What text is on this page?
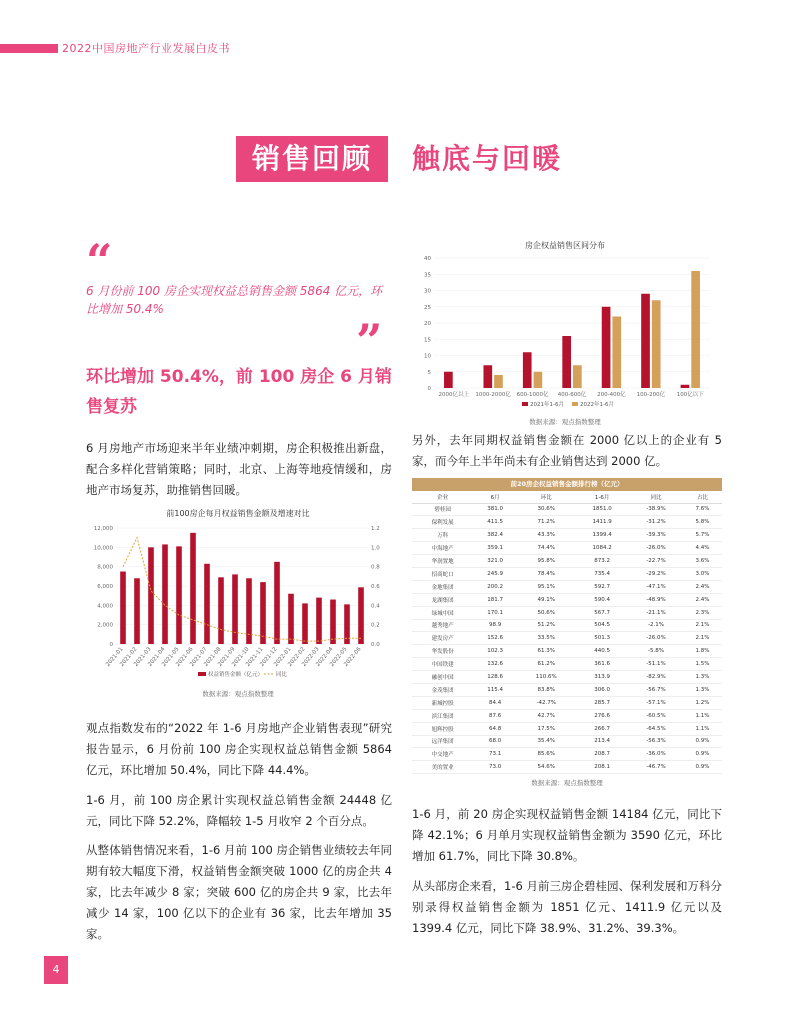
2022中国房地产行业发展白皮书
销售回顾	触底与回暖
“
6 月份前 100 房企实现权益总销售金额 5864 亿元，环比增加 50.4%
”
环比增加 50.4%，前 100 房企 6 月销售复苏

6 月房地产市场迎来半年业绩冲刺期，房企积极推出新盘，配合多样化营销策略；同时，北京、上海等地疫情缓和，房地产市场复苏，助推销售回暖。

前100房企每月权益销售金额及增速对比
0
2,000
4,000
6,000
8,000
10,000
12,000
0.0
0.2
0.4
0.6
0.8
1.0
1.2
2021-01
2021-02
2021-03
2021-04
2021-05
2021-06
2021-07
2021-08
2021-09
2021-10
2021-11
2021-12
2022-01
2022-02
2022-03
2022-04
2022-05
2022-06
权益销售金额（亿元） 同比
数据来源：观点指数整理

观点指数发布的“2022 年 1-6 月房地产企业销售表现”研究报告显示，6 月份前 100 房企实现权益总销售金额 5864 亿元，环比增加 50.4%，同比下降 44.4%。

1-6 月，前 100 房企累计实现权益总销售金额 24448 亿元，同比下降 52.2%，降幅较 1-5 月收窄 2 个百分点。

从整体销售情况来看，1-6 月前 100 房企销售业绩较去年同期有较大幅度下滑，权益销售金额突破 1000 亿的房企共 4 家，比去年减少 8 家；突破 600 亿的房企共 9 家，比去年减少 14 家，100 亿以下的企业有 36 家，比去年增加 35 家。

房企权益销售区间分布
0
5
10
15
20
25
30
35
40
2000亿以上 1000-2000亿 600-1000亿 400-600亿 200-400亿 100-200亿 100亿以下
2021年1-6月	2022年1-6月
数据来源：观点指数整理

另外，去年同期权益销售金额在 2000 亿以上的企业有 5 家，而今年上半年尚未有企业销售达到 2000 亿。

前20房企权益销售金额排行榜（亿元）
企业	6月	环比	1-6月	同比	占比
碧桂园	381.0	30.6%	1851.0	-38.9%	7.6%
保利发展	411.5	71.2%	1411.9	-31.2%	5.8%
万科	382.4	43.3%	1399.4	-39.3%	5.7%
中海地产	359.1	74.4%	1084.2	-26.0%	4.4%
华润置地	321.0	95.8%	873.2	-22.7%	3.6%
招商蛇口	245.9	78.4%	735.4	-29.2%	3.0%
金地集团	200.2	95.1%	592.7	-47.1%	2.4%
龙湖集团	181.7	49.1%	590.4	-48.9%	2.4%
绿城中国	170.1	50.6%	567.7	-21.1%	2.3%
越秀地产	98.9	51.2%	504.5	-2.1%	2.1%
建发房产	152.6	33.5%	501.3	-26.0%	2.1%
华发股份	102.3	61.3%	440.5	-5.8%	1.8%
中国铁建	132.6	61.2%	361.6	-51.1%	1.5%
融创中国	128.6	110.6%	313.9	-82.9%	1.3%
金茂集团	115.4	83.8%	306.0	-56.7%	1.3%
新城控股	84.4	-42.7%	285.7	-57.1%	1.2%
滨江集团	87.6	42.7%	276.6	-60.5%	1.1%
旭辉控股	64.8	17.5%	266.7	-64.5%	1.1%
远洋集团	68.0	35.4%	213.4	-56.3%	0.9%
中交地产	73.1	85.6%	208.7	-36.0%	0.9%
美的置业	73.0	54.6%	208.1	-46.7%	0.9%
数据来源：观点指数整理

1-6 月，前 20 房企实现权益销售金额 14184 亿元，同比下降 42.1%；6 月单月实现权益销售金额为 3590 亿元，环比增加 61.7%，同比下降 30.8%。

从头部房企来看，1-6 月前三房企碧桂园、保利发展和万科分别录得权益销售金额为 1851 亿元、1411.9 亿元以及 1399.4 亿元，同比下降 38.9%、31.2%、39.3%。

4
